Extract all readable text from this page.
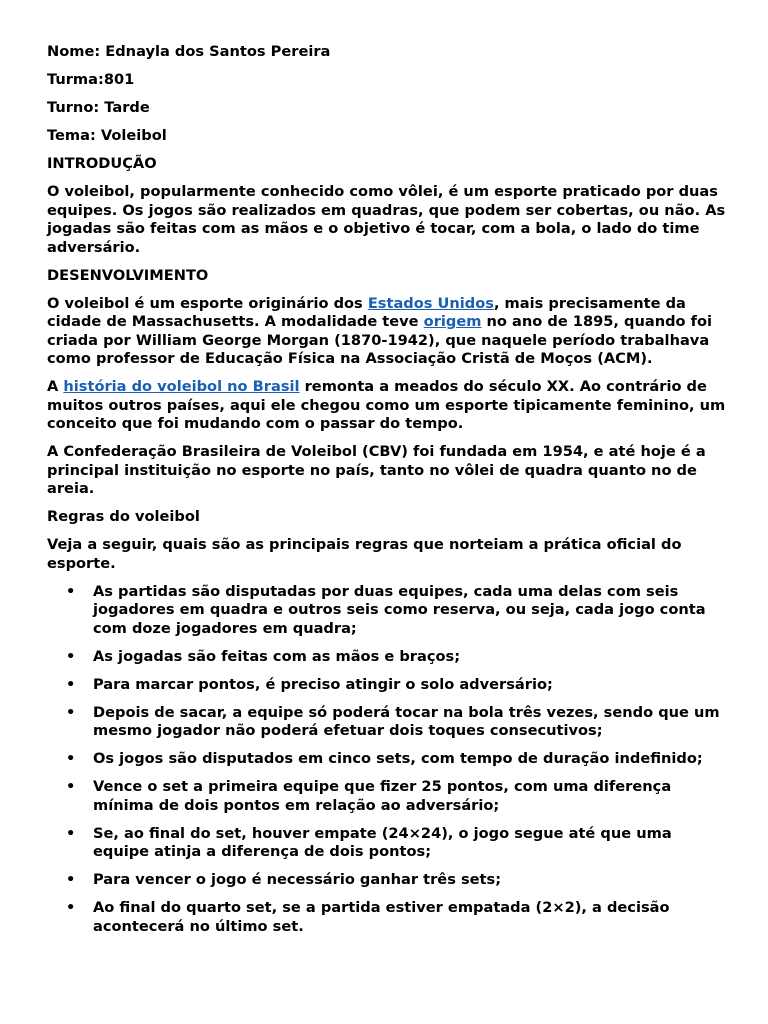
Nome: Ednayla dos Santos Pereira

Turma:801

Turno: Tarde

Tema: Voleibol

INTRODUÇÃO

O voleibol, popularmente conhecido como vôlei, é um esporte praticado por duas equipes. Os jogos são realizados em quadras, que podem ser cobertas, ou não. As jogadas são feitas com as mãos e o objetivo é tocar, com a bola, o lado do time adversário.

DESENVOLVIMENTO

O voleibol é um esporte originário dos Estados Unidos, mais precisamente da cidade de Massachusetts. A modalidade teve origem no ano de 1895, quando foi criada por William George Morgan (1870-1942), que naquele período trabalhava como professor de Educação Física na Associação Cristã de Moços (ACM).

A história do voleibol no Brasil remonta a meados do século XX. Ao contrário de muitos outros países, aqui ele chegou como um esporte tipicamente feminino, um conceito que foi mudando com o passar do tempo.

A Confederação Brasileira de Voleibol (CBV) foi fundada em 1954, e até hoje é a principal instituição no esporte no país, tanto no vôlei de quadra quanto no de areia.

Regras do voleibol

Veja a seguir, quais são as principais regras que norteiam a prática oficial do esporte.

• As partidas são disputadas por duas equipes, cada uma delas com seis jogadores em quadra e outros seis como reserva, ou seja, cada jogo conta com doze jogadores em quadra;
• As jogadas são feitas com as mãos e braços;
• Para marcar pontos, é preciso atingir o solo adversário;
• Depois de sacar, a equipe só poderá tocar na bola três vezes, sendo que um mesmo jogador não poderá efetuar dois toques consecutivos;
• Os jogos são disputados em cinco sets, com tempo de duração indefinido;
• Vence o set a primeira equipe que fizer 25 pontos, com uma diferença mínima de dois pontos em relação ao adversário;
• Se, ao final do set, houver empate (24×24), o jogo segue até que uma equipe atinja a diferença de dois pontos;
• Para vencer o jogo é necessário ganhar três sets;
• Ao final do quarto set, se a partida estiver empatada (2×2), a decisão acontecerá no último set.
